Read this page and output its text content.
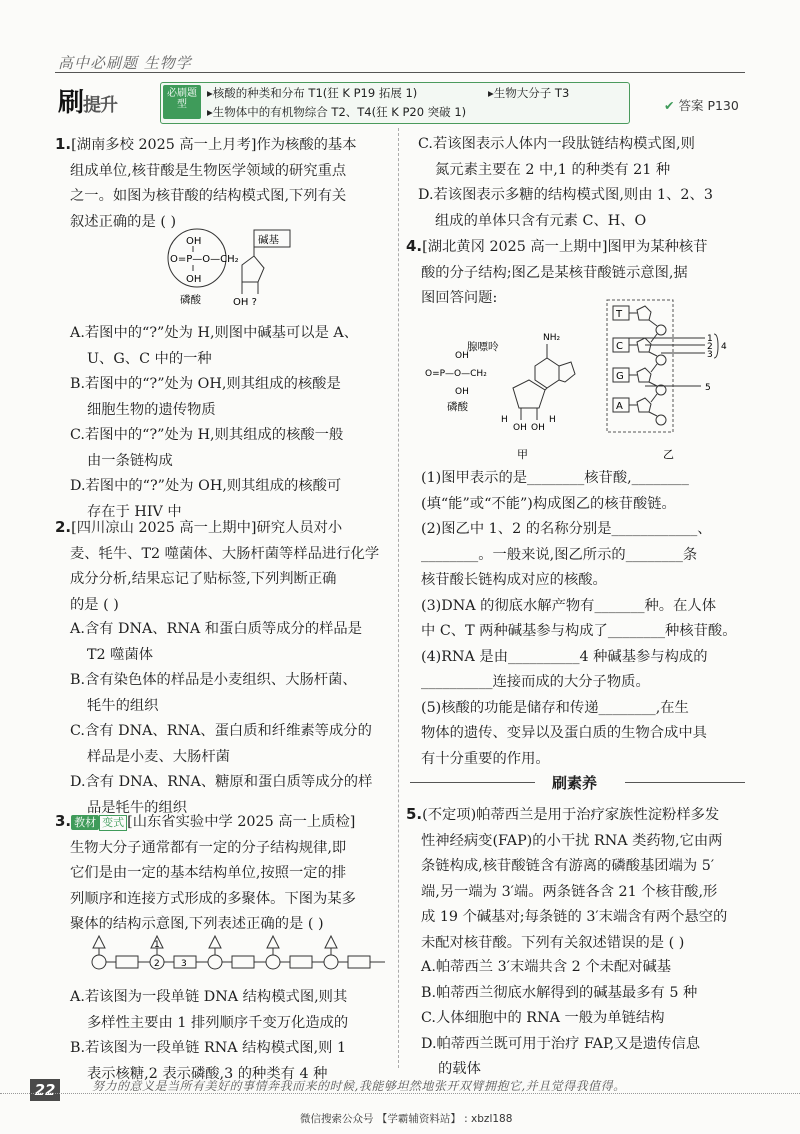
高中必刷题 生物学
刷提升
必刷题型
▸核酸的种类和分布 T1(狂 K P19 拓展 1)	▸生物大分子 T3
▸生物体中的有机物综合 T2、T4(狂 K P20 突破 1)	✔ 答案 P130
1.[湖南多校 2025 高一上月考]作为核酸的基本
组成单位,核苷酸是生物医学领域的研究重点
之一。如图为核苷酸的结构模式图,下列有关
叙述正确的是 ( )
OH
O=P—O—CH₂
OH
磷酸
碱基
OH ?
A.若图中的“?”处为 H,则图中碱基可以是 A、
U、G、C 中的一种
B.若图中的“?”处为 OH,则其组成的核酸是
细胞生物的遗传物质
C.若图中的“?”处为 H,则其组成的核酸一般
由一条链构成
D.若图中的“?”处为 OH,则其组成的核酸可
存在于 HIV 中
2.[四川凉山 2025 高一上期中]研究人员对小
麦、牦牛、T2 噬菌体、大肠杆菌等样品进行化学
成分分析,结果忘记了贴标签,下列判断正确
的是 ( )
A.含有 DNA、RNA 和蛋白质等成分的样品是
T2 噬菌体
B.含有染色体的样品是小麦组织、大肠杆菌、
牦牛的组织
C.含有 DNA、RNA、蛋白质和纤维素等成分的
样品是小麦、大肠杆菌
D.含有 DNA、RNA、糖原和蛋白质等成分的样
品是牦牛的组织
3. 教材 变式 [山东省实验中学 2025 高一上质检]
生物大分子通常都有一定的分子结构规律,即
它们是由一定的基本结构单位,按照一定的排
列顺序和连接方式形成的多聚体。下图为某多
聚体的结构示意图,下列表述正确的是 ( )
1
3
2
A.若该图为一段单链 DNA 结构模式图,则其
多样性主要由 1 排列顺序千变万化造成的
B.若该图为一段单链 RNA 结构模式图,则 1
表示核糖,2 表示磷酸,3 的种类有 4 种
C.若该图表示人体内一段肽链结构模式图,则
氮元素主要在 2 中,1 的种类有 21 种
D.若该图表示多糖的结构模式图,则由 1、2、3
组成的单体只含有元素 C、H、O
4.[湖北黄冈 2025 高一上期中]图甲为某种核苷
酸的分子结构;图乙是某核苷酸链示意图,据
图回答问题:
腺嘌呤
NH₂
OH
O=P—O—CH₂
OH
磷酸
OH OH
H	H
甲
T
C
G
A
1
2
3
4
5
乙
(1)图甲表示的是________核苷酸,________
(填“能”或“不能”)构成图乙的核苷酸链。
(2)图乙中 1、2 的名称分别是____________、
________。一般来说,图乙所示的________条
核苷酸长链构成对应的核酸。
(3)DNA 的彻底水解产物有_______种。在人体
中 C、T 两种碱基参与构成了________种核苷酸。
(4)RNA 是由__________4 种碱基参与构成的
__________连接而成的大分子物质。
(5)核酸的功能是储存和传递________,在生
物体的遗传、变异以及蛋白质的生物合成中具
有十分重要的作用。
刷素养
5.(不定项)帕蒂西兰是用于治疗家族性淀粉样多发
性神经病变(FAP)的小干扰 RNA 类药物,它由两
条链构成,核苷酸链含有游离的磷酸基团端为 5′
端,另一端为 3′端。两条链各含 21 个核苷酸,形
成 19 个碱基对;每条链的 3′末端含有两个悬空的
未配对核苷酸。下列有关叙述错误的是 ( )
A.帕蒂西兰 3′末端共含 2 个未配对碱基
B.帕蒂西兰彻底水解得到的碱基最多有 5 种
C.人体细胞中的 RNA 一般为单链结构
D.帕蒂西兰既可用于治疗 FAP,又是遗传信息
的载体
22	努力的意义是当所有美好的事情奔我而来的时候,我能够坦然地张开双臂拥抱它,并且觉得我值得。
微信搜索公众号 【学霸辅资料站】 : xbzl188
